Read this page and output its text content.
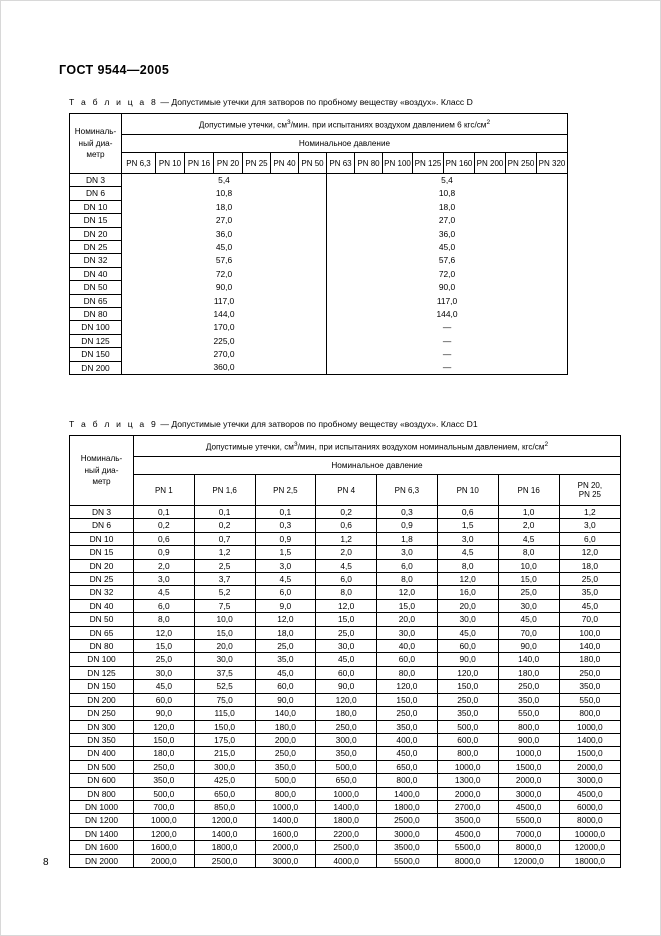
ГОСТ 9544—2005
Т а б л и ц а 8 — Допустимые утечки для затворов по пробному веществу «воздух». Класс D
Номиналь-
ный диа-
метр	Допустимые утечки, $см^3$/мин. при испытаниях воздухом давлением 6 кгс/$см^2$
	Номинальное давление														
	PN 6,3	PN 10	PN 16	PN 20	PN 25	PN 40	PN 50	PN 63	PN 80	PN 100	PN 125	PN 160	PN 200	PN 250	PN 320
DN 3	5,4							5,4							
DN 6	10,8							10,8							
DN 10	18,0							18,0							
DN 15	27,0							27,0							
DN 20	36,0							36,0							
DN 25	45,0							45,0							
DN 32	57,6							57,6							
DN 40	72,0							72,0							
DN 50	90,0							90,0							
DN 65	117,0							117,0							
DN 80	144,0							144,0							
DN 100	170,0							—							
DN 125	225,0							—							
DN 150	270,0							—							
DN 200	360,0							—							
Т а б л и ц а 9 — Допустимые утечки для затворов по пробному веществу «воздух». Класс D1
Номиналь-
ный диа-
метр	Допустимые утечки, $см^3$/мин, при испытаниях воздухом номинальным давлением, кгс/$см^2$
	Номинальное давление							
	PN 1	PN 1,6	PN 2,5	PN 4	PN 6,3	PN 10	PN 16	PN 20,
PN 25
DN 3	0,1	0,1	0,1	0,2	0,3	0,6	1,0	1,2
DN 6	0,2	0,2	0,3	0,6	0,9	1,5	2,0	3,0
DN 10	0,6	0,7	0,9	1,2	1,8	3,0	4,5	6,0
DN 15	0,9	1,2	1,5	2,0	3,0	4,5	8,0	12,0
DN 20	2,0	2,5	3,0	4,5	6,0	8,0	10,0	18,0
DN 25	3,0	3,7	4,5	6,0	8,0	12,0	15,0	25,0
DN 32	4,5	5,2	6,0	8,0	12,0	16,0	25,0	35,0
DN 40	6,0	7,5	9,0	12,0	15,0	20,0	30,0	45,0
DN 50	8,0	10,0	12,0	15,0	20,0	30,0	45,0	70,0
DN 65	12,0	15,0	18,0	25,0	30,0	45,0	70,0	100,0
DN 80	15,0	20,0	25,0	30,0	40,0	60,0	90,0	140,0
DN 100	25,0	30,0	35,0	45,0	60,0	90,0	140,0	180,0
DN 125	30,0	37,5	45,0	60,0	80,0	120,0	180,0	250,0
DN 150	45,0	52,5	60,0	90,0	120,0	150,0	250,0	350,0
DN 200	60,0	75,0	90,0	120,0	150,0	250,0	350,0	550,0
DN 250	90,0	115,0	140,0	180,0	250,0	350,0	550,0	800,0
DN 300	120,0	150,0	180,0	250,0	350,0	500,0	800,0	1000,0
DN 350	150,0	175,0	200,0	300,0	400,0	600,0	900,0	1400,0
DN 400	180,0	215,0	250,0	350,0	450,0	800,0	1000,0	1500,0
DN 500	250,0	300,0	350,0	500,0	650,0	1000,0	1500,0	2000,0
DN 600	350,0	425,0	500,0	650,0	800,0	1300,0	2000,0	3000,0
DN 800	500,0	650,0	800,0	1000,0	1400,0	2000,0	3000,0	4500,0
DN 1000	700,0	850,0	1000,0	1400,0	1800,0	2700,0	4500,0	6000,0
DN 1200	1000,0	1200,0	1400,0	1800,0	2500,0	3500,0	5500,0	8000,0
DN 1400	1200,0	1400,0	1600,0	2200,0	3000,0	4500,0	7000,0	10000,0
DN 1600	1600,0	1800,0	2000,0	2500,0	3500,0	5500,0	8000,0	12000,0
DN 2000	2000,0	2500,0	3000,0	4000,0	5500,0	8000,0	12000,0	18000,0
8
